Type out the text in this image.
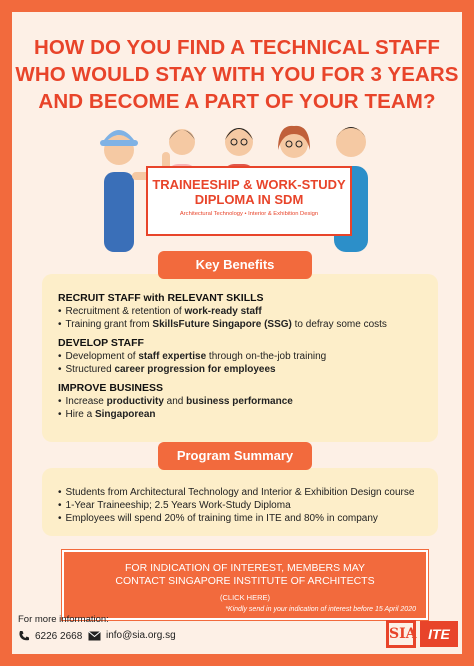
HOW DO YOU FIND A TECHNICAL STAFF
WHO WOULD STAY WITH YOU FOR 3 YEARS
AND BECOME A PART OF YOUR TEAM?
TRAINEESHIP & WORK-STUDY
DIPLOMA IN SDM
Architectural Technology • Interior & Exhibition Design
RECRUIT STAFF with RELEVANT SKILLS
• Recruitment & retention of work-ready staff
• Training grant from SkillsFuture Singapore (SSG) to defray some costs
DEVELOP STAFF
• Development of staff expertise through on-the-job training
• Structured career progression for employees
IMPROVE BUSINESS
• Increase productivity and business performance
• Hire a Singaporean
Key Benefits
• Students from Architectural Technology and Interior & Exhibition Design course
• 1-Year Traineeship; 2.5 Years Work-Study Diploma
• Employees will spend 20% of training time in ITE and 80% in company
Program Summary
FOR INDICATION OF INTEREST, MEMBERS MAY
CONTACT SINGAPORE INSTITUTE OF ARCHITECTS
(CLICK HERE)
*Kindly send in your indication of interest before 15 April 2020
For more information:
6226 2668 info@sia.org.sg	SIA ITE
